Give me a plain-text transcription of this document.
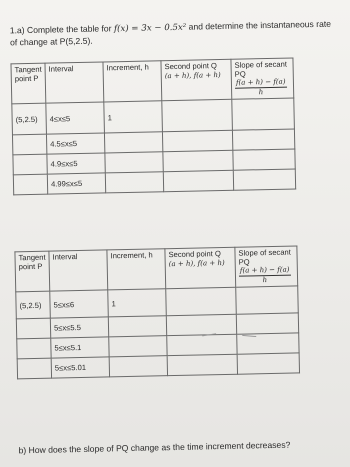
1.a) Complete the table for f(x) = 3x − 0.5x² and determine the instantaneous rate of change at P(5,2.5).
Tangent point P	Interval	Increment, h	Second point Q
(a + h), f(a + h)	Slope of secant PQ
$\frac{f(a + h) - f(a)}{h}$

(5,2.5)	4≤x≤5	1		
	4.5≤x≤5			
	4.9≤x≤5			
	4.99≤x≤5			
Tangent point P	Interval	Increment, h	Second point Q
(a + h), f(a + h)	Slope of secant PQ
$\frac{f(a + h) - f(a)}{h}$

(5,2.5)	5≤x≤6	1		
	5≤x≤5.5			
	5≤x≤5.1			
	5≤x≤5.01			
b) How does the slope of PQ change as the time increment decreases?
